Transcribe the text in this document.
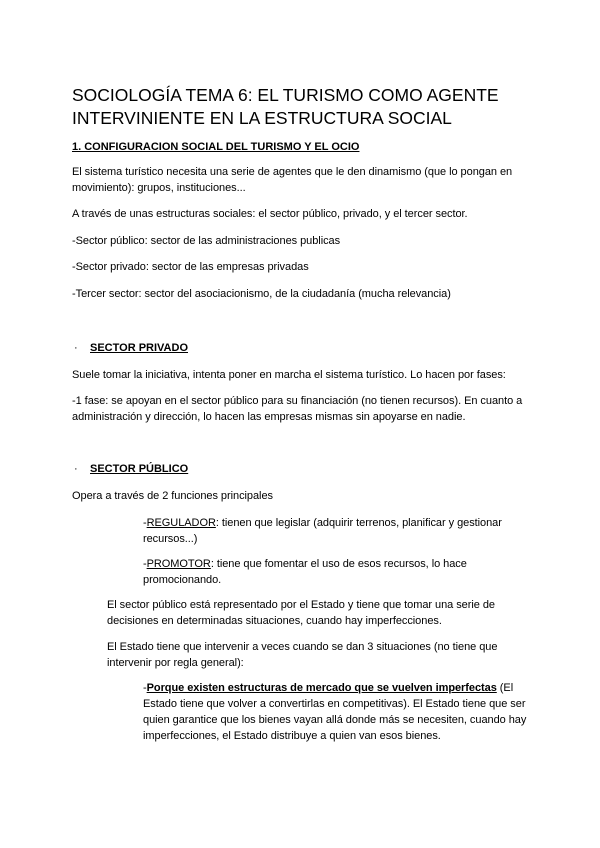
SOCIOLOGÍA TEMA 6: EL TURISMO COMO AGENTE INTERVINIENTE EN LA ESTRUCTURA SOCIAL

1. CONFIGURACION SOCIAL DEL TURISMO Y EL OCIO

El sistema turístico necesita una serie de agentes que le den dinamismo (que lo pongan en movimiento): grupos, instituciones...

A través de unas estructuras sociales: el sector público, privado, y el tercer sector.

-Sector público: sector de las administraciones publicas

-Sector privado: sector de las empresas privadas

-Tercer sector: sector del asociacionismo, de la ciudadanía (mucha relevancia)

· SECTOR PRIVADO

Suele tomar la iniciativa, intenta poner en marcha el sistema turístico. Lo hacen por fases:

-1 fase: se apoyan en el sector público para su financiación (no tienen recursos). En cuanto a administración y dirección, lo hacen las empresas mismas sin apoyarse en nadie.

· SECTOR PÚBLICO

Opera a través de 2 funciones principales

-REGULADOR: tienen que legislar (adquirir terrenos, planificar y gestionar recursos...)

-PROMOTOR: tiene que fomentar el uso de esos recursos, lo hace promocionando.

El sector público está representado por el Estado y tiene que tomar una serie de decisiones en determinadas situaciones, cuando hay imperfecciones.

El Estado tiene que intervenir a veces cuando se dan 3 situaciones (no tiene que intervenir por regla general):

-Porque existen estructuras de mercado que se vuelven imperfectas (El Estado tiene que volver a convertirlas en competitivas). El Estado tiene que ser quien garantice que los bienes vayan allá donde más se necesiten, cuando hay imperfecciones, el Estado distribuye a quien van esos bienes.
